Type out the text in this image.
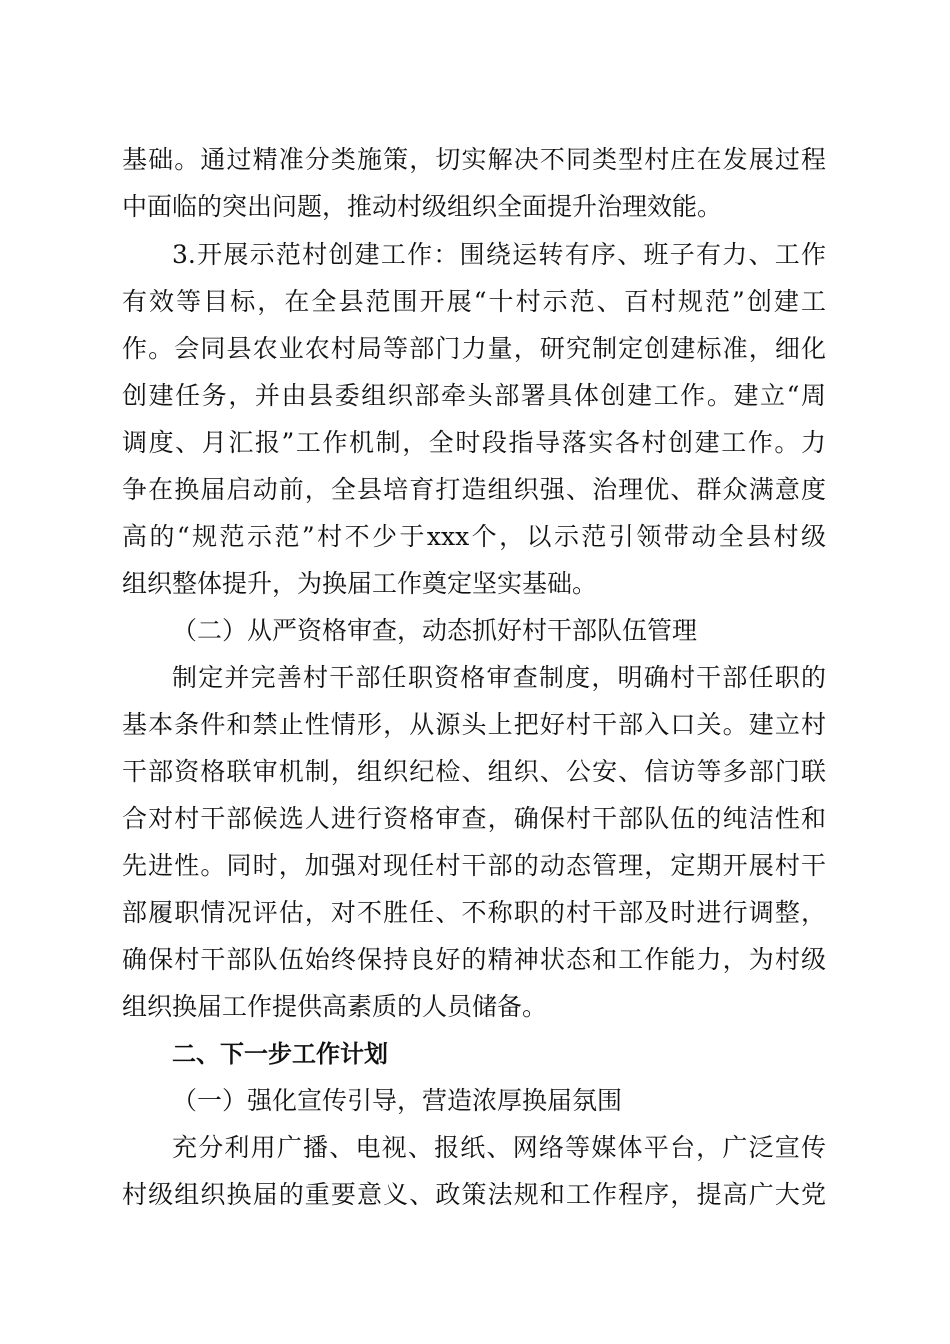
基础。通过精准分类施策，切实解决不同类型村庄在发展过程
中面临的突出问题，推动村级组织全面提升治理效能。
3.开展示范村创建工作：围绕运转有序、班子有力、工作
有效等目标，在全县范围开展“十村示范、百村规范”创建工
作。会同县农业农村局等部门力量，研究制定创建标准，细化
创建任务，并由县委组织部牵头部署具体创建工作。建立“周
调度、月汇报”工作机制，全时段指导落实各村创建工作。力
争在换届启动前，全县培育打造组织强、治理优、群众满意度
高的“规范示范”村不少于xxx个，以示范引领带动全县村级
组织整体提升，为换届工作奠定坚实基础。
（二）从严资格审查，动态抓好村干部队伍管理
制定并完善村干部任职资格审查制度，明确村干部任职的
基本条件和禁止性情形，从源头上把好村干部入口关。建立村
干部资格联审机制，组织纪检、组织、公安、信访等多部门联
合对村干部候选人进行资格审查，确保村干部队伍的纯洁性和
先进性。同时，加强对现任村干部的动态管理，定期开展村干
部履职情况评估，对不胜任、不称职的村干部及时进行调整，
确保村干部队伍始终保持良好的精神状态和工作能力，为村级
组织换届工作提供高素质的人员储备。
二、下一步工作计划
（一）强化宣传引导，营造浓厚换届氛围
充分利用广播、电视、报纸、网络等媒体平台，广泛宣传
村级组织换届的重要意义、政策法规和工作程序，提高广大党
